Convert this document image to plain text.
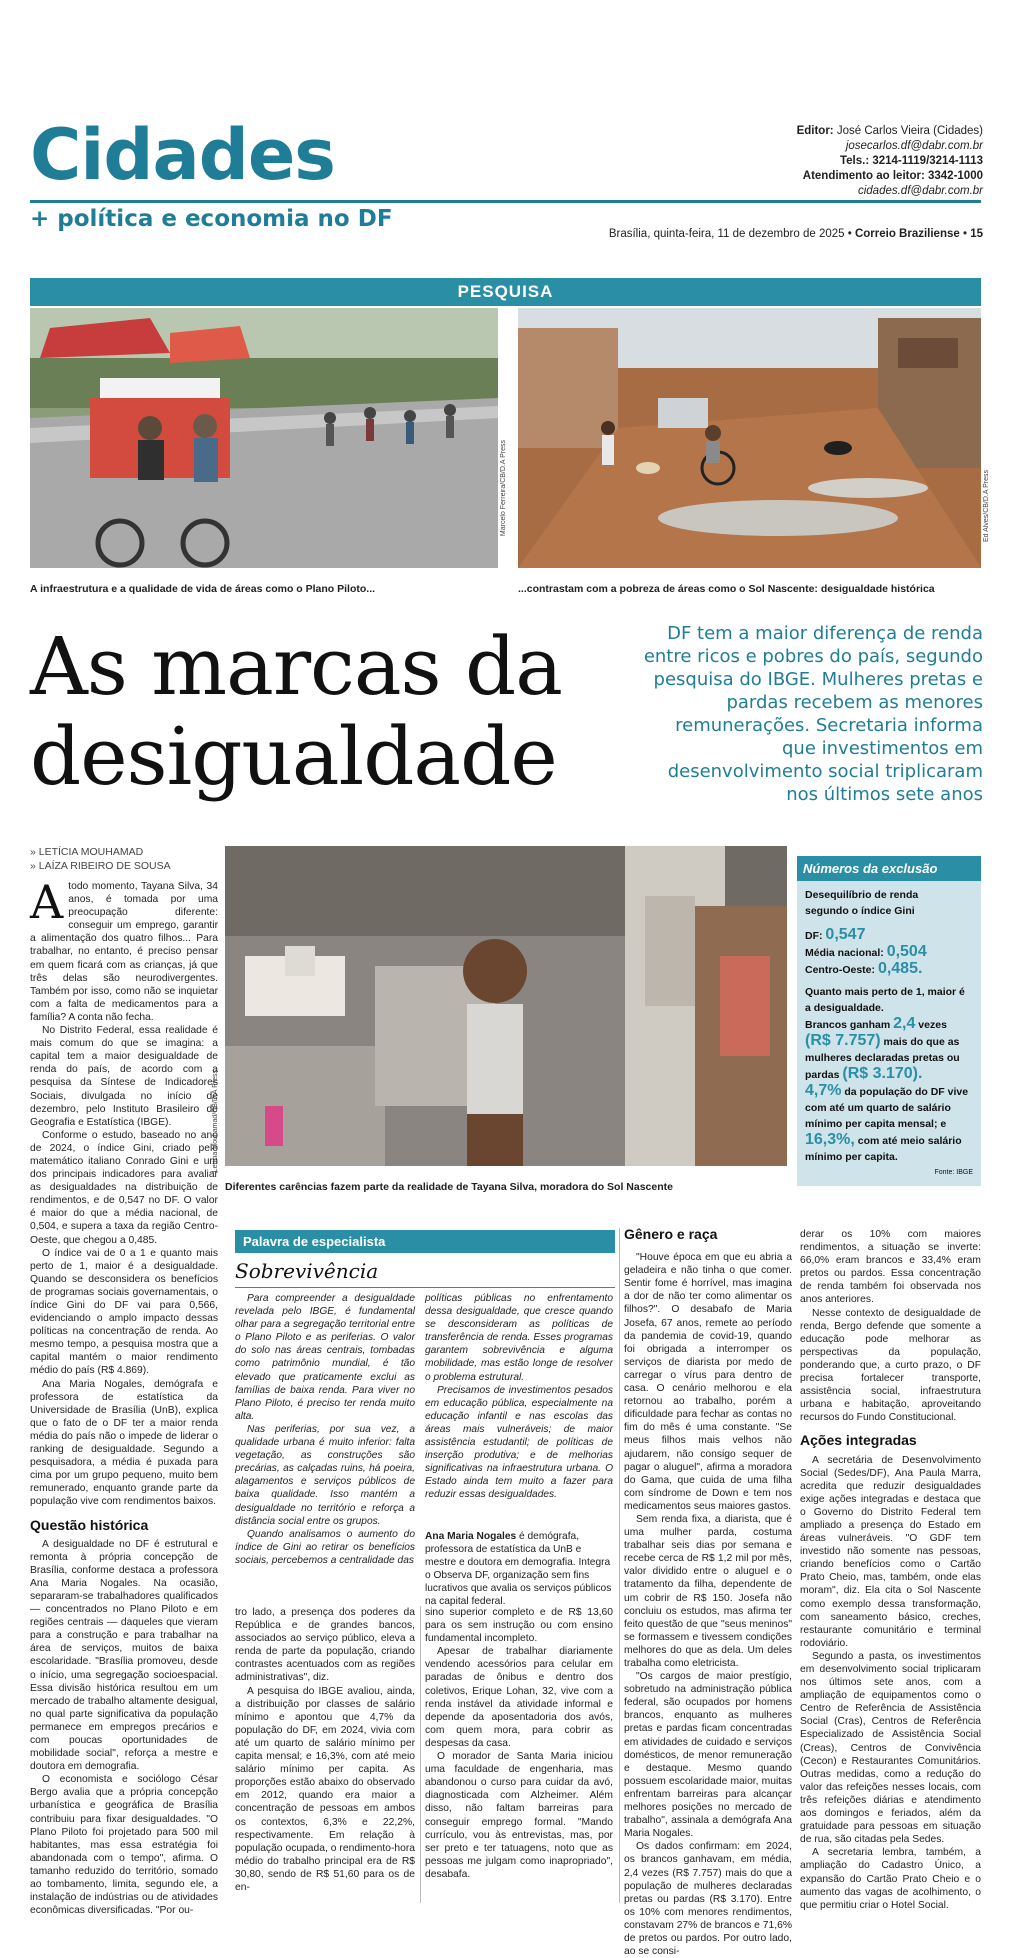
Cidades
+ política e economia no DF
Editor: José Carlos Vieira (Cidades)
josecarlos.df@dabr.com.br
Tels.: 3214-1119/3214-1113
Atendimento ao leitor: 3342-1000
cidades.df@dabr.com.br
Brasília, quinta-feira, 11 de dezembro de 2025 • Correio Braziliense • 15
PESQUISA
Marcelo Ferreira/CB/D.A Press	Ed Alves/CB/D.A Press
A infraestrutura e a qualidade de vida de áreas como o Plano Piloto...	...contrastam com a pobreza de áreas como o Sol Nascente: desigualdade histórica
As marcas da
desigualdade
DF tem a maior diferença de renda entre ricos e pobres do país, segundo pesquisa do IBGE. Mulheres pretas e pardas recebem as menores remunerações. Secretaria informa que investimentos em desenvolvimento social triplicaram nos últimos sete anos
» LETÍCIA MOUHAMAD
» LAÍZA RIBEIRO DE SOUSA
Letícia Mouhamad/CB/D.A Press
Diferentes carências fazem parte da realidade de Tayana Silva, moradora do Sol Nascente
Números da exclusão
Desequilíbrio de renda
segundo o índice Gini
DF: 0,547
Média nacional: 0,504
Centro-Oeste: 0,485.
Quanto mais perto de 1, maior é a desigualdade.
Brancos ganham 2,4 vezes
(R$ 7.757) mais do que as mulheres declaradas pretas ou pardas (R$ 3.170).
4,7% da população do DF vive com até um quarto de salário mínimo per capita mensal; e
16,3%, com até meio salário mínimo per capita.
Fonte: IBGE
A todo momento, Tayana Silva, 34 anos, é tomada por uma preocupação diferente: conseguir um emprego, garantir a alimentação dos quatro filhos... Para trabalhar, no entanto, é preciso pensar em quem ficará com as crianças, já que três delas são neurodivergentes. Também por isso, como não se inquietar com a falta de medicamentos para a família? A conta não fecha.

No Distrito Federal, essa realidade é mais comum do que se imagina: a capital tem a maior desigualdade de renda do país, de acordo com a pesquisa da Síntese de Indicadores Sociais, divulgada no início de dezembro, pelo Instituto Brasileiro de Geografia e Estatística (IBGE).

Conforme o estudo, baseado no ano de 2024, o índice Gini, criado pelo matemático italiano Conrado Gini e um dos principais indicadores para avaliar as desigualdades na distribuição de rendimentos, e de 0,547 no DF. O valor é maior do que a média nacional, de 0,504, e supera a taxa da região Centro-Oeste, que chegou a 0,485.

O índice vai de 0 a 1 e quanto mais perto de 1, maior é a desigualdade. Quando se desconsidera os benefícios de programas sociais governamentais, o índice Gini do DF vai para 0,566, evidenciando o amplo impacto dessas políticas na concentração de renda. Ao mesmo tempo, a pesquisa mostra que a capital mantém o maior rendimento médio do país (R$ 4.869).

Ana Maria Nogales, demógrafa e professora de estatística da Universidade de Brasília (UnB), explica que o fato de o DF ter a maior renda média do país não o impede de liderar o ranking de desigualdade. Segundo a pesquisadora, a média é puxada para cima por um grupo pequeno, muito bem remunerado, enquanto grande parte da população vive com rendimentos baixos.

Questão histórica

A desigualdade no DF é estrutural e remonta à própria concepção de Brasília, conforme destaca a professora Ana Maria Nogales. Na ocasião, separaram-se trabalhadores qualificados — concentrados no Plano Piloto e em regiões centrais — daqueles que vieram para a construção e para trabalhar na área de serviços, muitos de baixa escolaridade. "Brasília promoveu, desde o início, uma segregação socioespacial. Essa divisão histórica resultou em um mercado de trabalho altamente desigual, no qual parte significativa da população permanece em empregos precários e com poucas oportunidades de mobilidade social", reforça a mestre e doutora em demografia.

O economista e sociólogo César Bergo avalia que a própria concepção urbanística e geográfica de Brasília contribuiu para fixar desigualdades. "O Plano Piloto foi projetado para 500 mil habitantes, mas essa estratégia foi abandonada com o tempo", afirma. O tamanho reduzido do território, somado ao tombamento, limita, segundo ele, a instalação de indústrias ou de atividades econômicas diversificadas. "Por ou-

Palavra de especialista
Sobrevivência

Para compreender a desigualdade revelada pelo IBGE, é fundamental olhar para a segregação territorial entre o Plano Piloto e as periferias. O valor do solo nas áreas centrais, tombadas como patrimônio mundial, é tão elevado que praticamente exclui as famílias de baixa renda. Para viver no Plano Piloto, é preciso ter renda muito alta.

Nas periferias, por sua vez, a qualidade urbana é muito inferior: falta vegetação, as construções são precárias, as calçadas ruins, há poeira, alagamentos e serviços públicos de baixa qualidade. Isso mantém a desigualdade no território e reforça a distância social entre os grupos.

Quando analisamos o aumento do índice de Gini ao retirar os benefícios sociais, percebemos a centralidade das

políticas públicas no enfrentamento dessa desigualdade, que cresce quando se desconsideram as políticas de transferência de renda. Esses programas garantem sobrevivência e alguma mobilidade, mas estão longe de resolver o problema estrutural.

Precisamos de investimentos pesados em educação pública, especialmente na educação infantil e nas escolas das áreas mais vulneráveis; de maior assistência estudantil; de políticas de inserção produtiva; e de melhorias significativas na infraestrutura urbana. O Estado ainda tem muito a fazer para reduzir essas desigualdades.

Ana Maria Nogales é demógrafa, professora de estatística da UnB e mestre e doutora em demografia. Integra o Observa DF, organização sem fins lucrativos que avalia os serviços públicos na capital federal.

tro lado, a presença dos poderes da República e de grandes bancos, associados ao serviço público, eleva a renda de parte da população, criando contrastes acentuados com as regiões administrativas", diz.

A pesquisa do IBGE avaliou, ainda, a distribuição por classes de salário mínimo e apontou que 4,7% da população do DF, em 2024, vivia com até um quarto de salário mínimo per capita mensal; e 16,3%, com até meio salário mínimo per capita. As proporções estão abaixo do observado em 2012, quando era maior a concentração de pessoas em ambos os contextos, 6,3% e 22,2%, respectivamente. Em relação à população ocupada, o rendimento-hora médio do trabalho principal era de R$ 30,80, sendo de R$ 51,60 para os de en-

sino superior completo e de R$ 13,60 para os sem instrução ou com ensino fundamental incompleto.

Apesar de trabalhar diariamente vendendo acessórios para celular em paradas de ônibus e dentro dos coletivos, Erique Lohan, 32, vive com a renda instável da atividade informal e depende da aposentadoria dos avós, com quem mora, para cobrir as despesas da casa.

O morador de Santa Maria iniciou uma faculdade de engenharia, mas abandonou o curso para cuidar da avó, diagnosticada com Alzheimer. Além disso, não faltam barreiras para conseguir emprego formal. "Mando currículo, vou às entrevistas, mas, por ser preto e ter tatuagens, noto que as pessoas me julgam como inapropriado", desabafa.

Gênero e raça

"Houve época em que eu abria a geladeira e não tinha o que comer. Sentir fome é horrível, mas imagina a dor de não ter como alimentar os filhos?". O desabafo de Maria Josefa, 67 anos, remete ao período da pandemia de covid-19, quando foi obrigada a interromper os serviços de diarista por medo de carregar o vírus para dentro de casa. O cenário melhorou e ela retornou ao trabalho, porém a dificuldade para fechar as contas no fim do mês é uma constante. "Se meus filhos mais velhos não ajudarem, não consigo sequer de pagar o aluguel", afirma a moradora do Gama, que cuida de uma filha com síndrome de Down e tem nos medicamentos seus maiores gastos.

Sem renda fixa, a diarista, que é uma mulher parda, costuma trabalhar seis dias por semana e recebe cerca de R$ 1,2 mil por mês, valor dividido entre o aluguel e o tratamento da filha, dependente de um cobrir de R$ 150. Josefa não concluiu os estudos, mas afirma ter feito questão de que "seus meninos" se formassem e tivessem condições melhores do que as dela. Um deles trabalha como eletricista.

"Os cargos de maior prestígio, sobretudo na administração pública federal, são ocupados por homens brancos, enquanto as mulheres pretas e pardas ficam concentradas em atividades de cuidado e serviços domésticos, de menor remuneração e destaque. Mesmo quando possuem escolaridade maior, muitas enfrentam barreiras para alcançar melhores posições no mercado de trabalho", assinala a demógrafa Ana Maria Nogales.

Os dados confirmam: em 2024, os brancos ganhavam, em média, 2,4 vezes (R$ 7.757) mais do que a população de mulheres declaradas pretas ou pardas (R$ 3.170). Entre os 10% com menores rendimentos, constavam 27% de brancos e 71,6% de pretos ou pardos. Por outro lado, ao se consi-

derar os 10% com maiores rendimentos, a situação se inverte: 66,0% eram brancos e 33,4% eram pretos ou pardos. Essa concentração de renda também foi observada nos anos anteriores.

Nesse contexto de desigualdade de renda, Bergo defende que somente a educação pode melhorar as perspectivas da população, ponderando que, a curto prazo, o DF precisa fortalecer transporte, assistência social, infraestrutura urbana e habitação, aproveitando recursos do Fundo Constitucional.

Ações integradas

A secretária de Desenvolvimento Social (Sedes/DF), Ana Paula Marra, acredita que reduzir desigualdades exige ações integradas e destaca que o Governo do Distrito Federal tem ampliado a presença do Estado em áreas vulneráveis. "O GDF tem investido não somente nas pessoas, criando benefícios como o Cartão Prato Cheio, mas, também, onde elas moram", diz. Ela cita o Sol Nascente como exemplo dessa transformação, com saneamento básico, creches, restaurante comunitário e terminal rodoviário.

Segundo a pasta, os investimentos em desenvolvimento social triplicaram nos últimos sete anos, com a ampliação de equipamentos como o Centro de Referência de Assistência Social (Cras), Centros de Referência Especializado de Assistência Social (Creas), Centros de Convivência (Cecon) e Restaurantes Comunitários. Outras medidas, como a redução do valor das refeições nesses locais, com três refeições diárias e atendimento aos domingos e feriados, além da gratuidade para pessoas em situação de rua, são citadas pela Sedes.

A secretaria lembra, também, a ampliação do Cadastro Único, a expansão do Cartão Prato Cheio e o aumento das vagas de acolhimento, o que permitiu criar o Hotel Social.
